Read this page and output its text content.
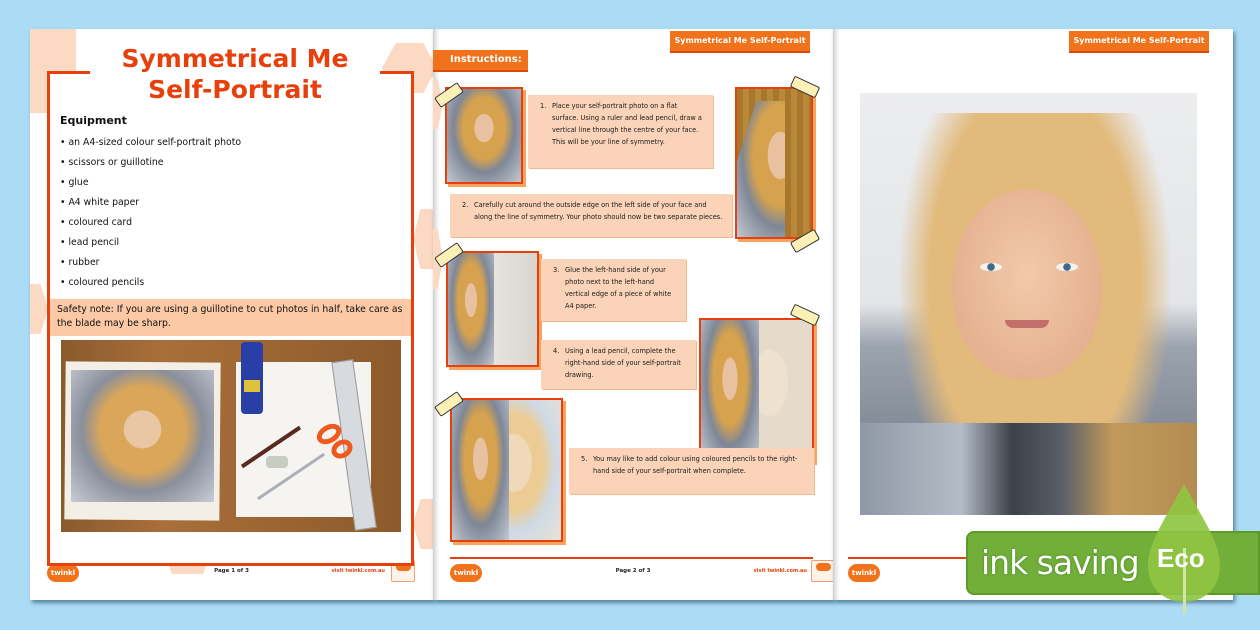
Symmetrical Me
Self-Portrait
Equipment
• an A4-sized colour self-portrait photo
• scissors or guillotine
• glue
• A4 white paper
• coloured card
• lead pencil
• rubber
• coloured pencils
Safety note: If you are using a guillotine to cut photos in half, take care as the blade may be sharp.
twinkl	Page 1 of 3	visit twinkl.com.au
Symmetrical Me Self-Portrait
Instructions:
1. Place your self-portrait photo on a flat surface. Using a ruler and lead pencil, draw a vertical line through the centre of your face. This will be your line of symmetry.
2. Carefully cut around the outside edge on the left side of your face and along the line of symmetry. Your photo should now be two separate pieces.
3. Glue the left-hand side of your photo next to the left-hand vertical edge of a piece of white A4 paper.
4. Using a lead pencil, complete the right-hand side of your self-portrait drawing.
5. You may like to add colour using coloured pencils to the right-hand side of your self-portrait when complete.
twinkl	Page 2 of 3	visit twinkl.com.au
Symmetrical Me Self-Portrait
twinkl	ink saving Eco
